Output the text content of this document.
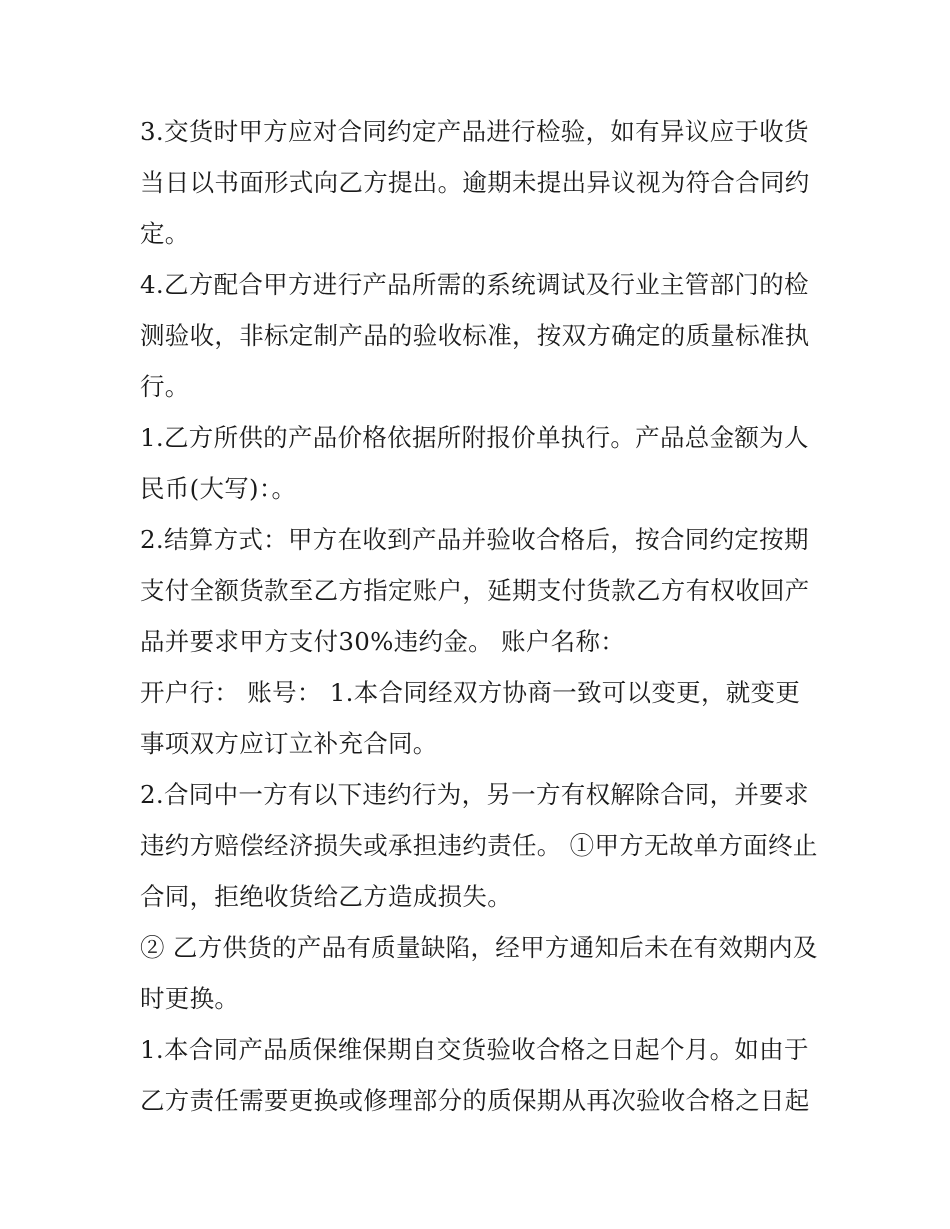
3.交货时甲方应对合同约定产品进行检验，如有异议应于收货当日以书面形式向乙方提出。逾期未提出异议视为符合合同约定。

4.乙方配合甲方进行产品所需的系统调试及行业主管部门的检测验收，非标定制产品的验收标准，按双方确定的质量标准执行。

1.乙方所供的产品价格依据所附报价单执行。产品总金额为人民币(大写)：。

2.结算方式：甲方在收到产品并验收合格后，按合同约定按期支付全额货款至乙方指定账户，延期支付货款乙方有权收回产品并要求甲方支付30%违约金。 账户名称：

开户行： 账号： 1.本合同经双方协商一致可以变更，就变更事项双方应订立补充合同。

2.合同中一方有以下违约行为，另一方有权解除合同，并要求违约方赔偿经济损失或承担违约责任。 ①甲方无故单方面终止合同，拒绝收货给乙方造成损失。

② 乙方供货的产品有质量缺陷，经甲方通知后未在有效期内及时更换。

1.本合同产品质保维保期自交货验收合格之日起个月。如由于乙方责任需要更换或修理部分的质保期从再次验收合格之日起
